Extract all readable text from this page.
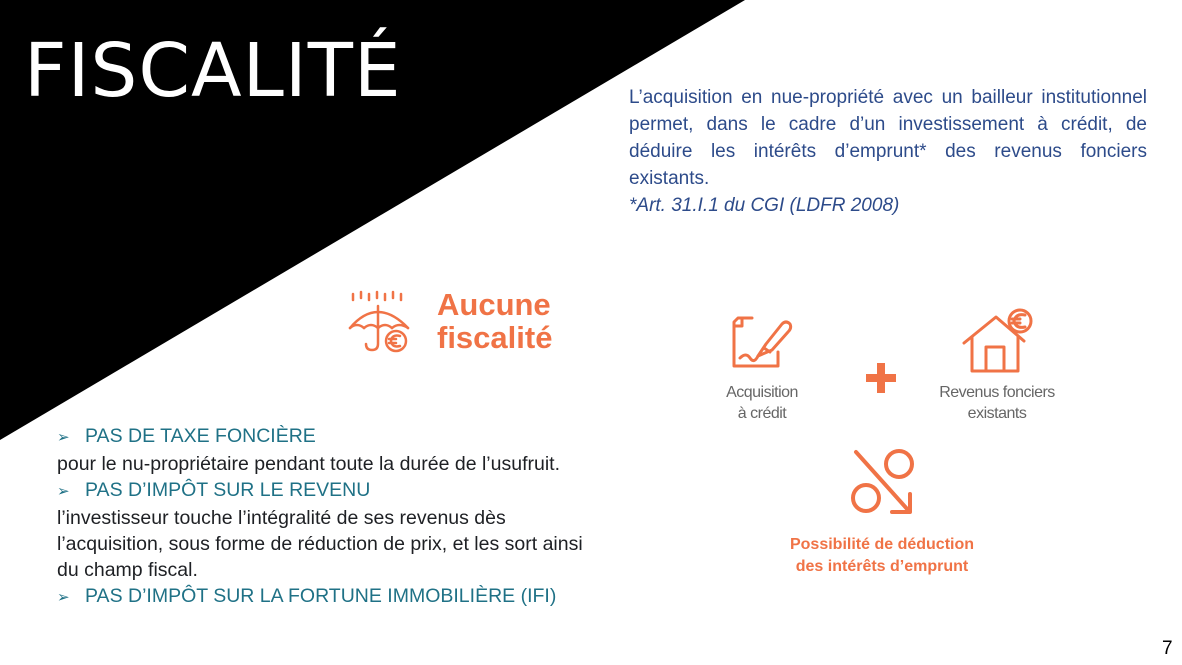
FISCALITÉ	L’acquisition en nue-propriété avec un bailleur institutionnel permet, dans le cadre d’un investissement à crédit, de déduire les intérêts d’emprunt* des revenus fonciers existants.

*Art. 31.I.1 du CGI (LDFR 2008)

Aucune
fiscalité

Acquisition
à crédit

Revenus fonciers
existants

Possibilité de déduction
des intérêts d’emprunt

➢ PAS DE TAXE FONCIÈRE

pour le nu-propriétaire pendant toute la durée de l’usufruit.

➢ PAS D’IMPÔT SUR LE REVENU

l’investisseur touche l’intégralité de ses revenus dès l’acquisition, sous forme de réduction de prix, et les sort ainsi du champ fiscal.

➢ PAS D’IMPÔT SUR LA FORTUNE IMMOBILIÈRE (IFI)

7
